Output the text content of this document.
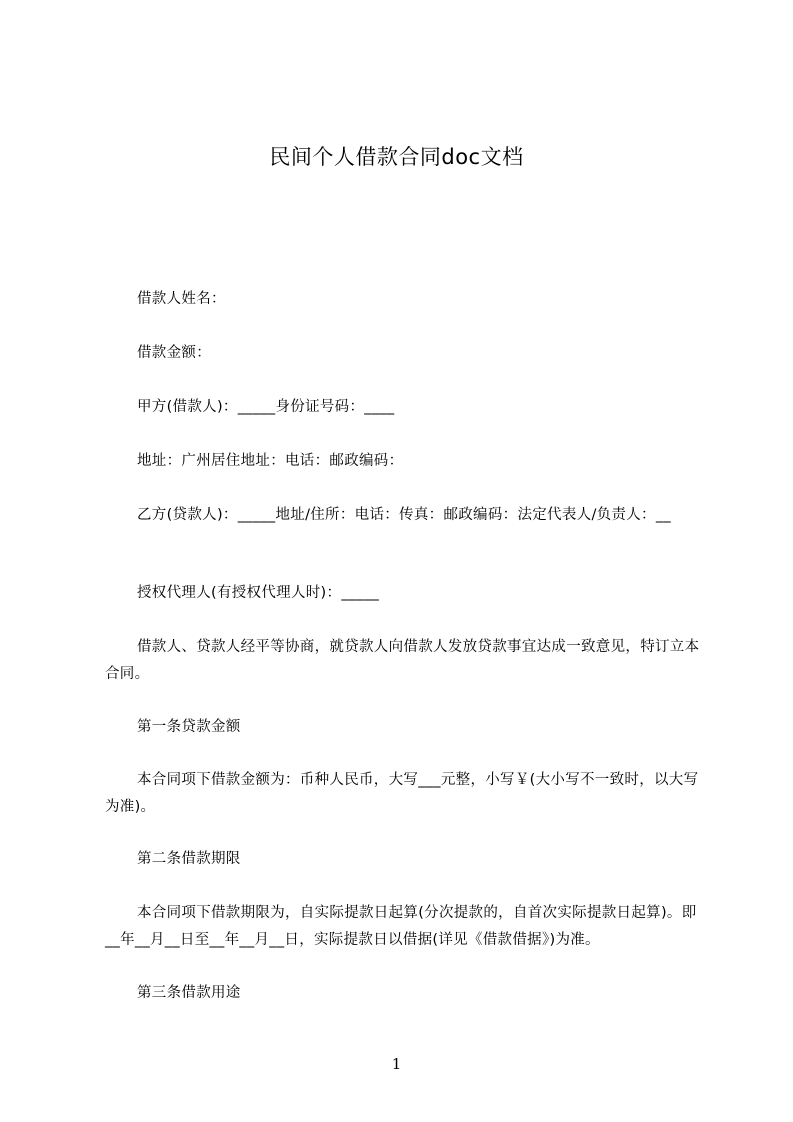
民间个人借款合同doc文档
借款人姓名：
借款金额：
甲方(借款人)：_____身份证号码：____
地址：广州居住地址：电话：邮政编码：
乙方(贷款人)：_____地址/住所：电话：传真：邮政编码：法定代表人/负责人：__
授权代理人(有授权代理人时)：_____
借款人、贷款人经平等协商，就贷款人向借款人发放贷款事宜达成一致意见，特订立本合同。
第一条贷款金额
本合同项下借款金额为：币种人民币，大写___元整，小写￥(大小写不一致时，以大写为准)。
第二条借款期限
本合同项下借款期限为，自实际提款日起算(分次提款的，自首次实际提款日起算)。即__年__月__日至__年__月__日，实际提款日以借据(详见《借款借据》)为准。
第三条借款用途
1
